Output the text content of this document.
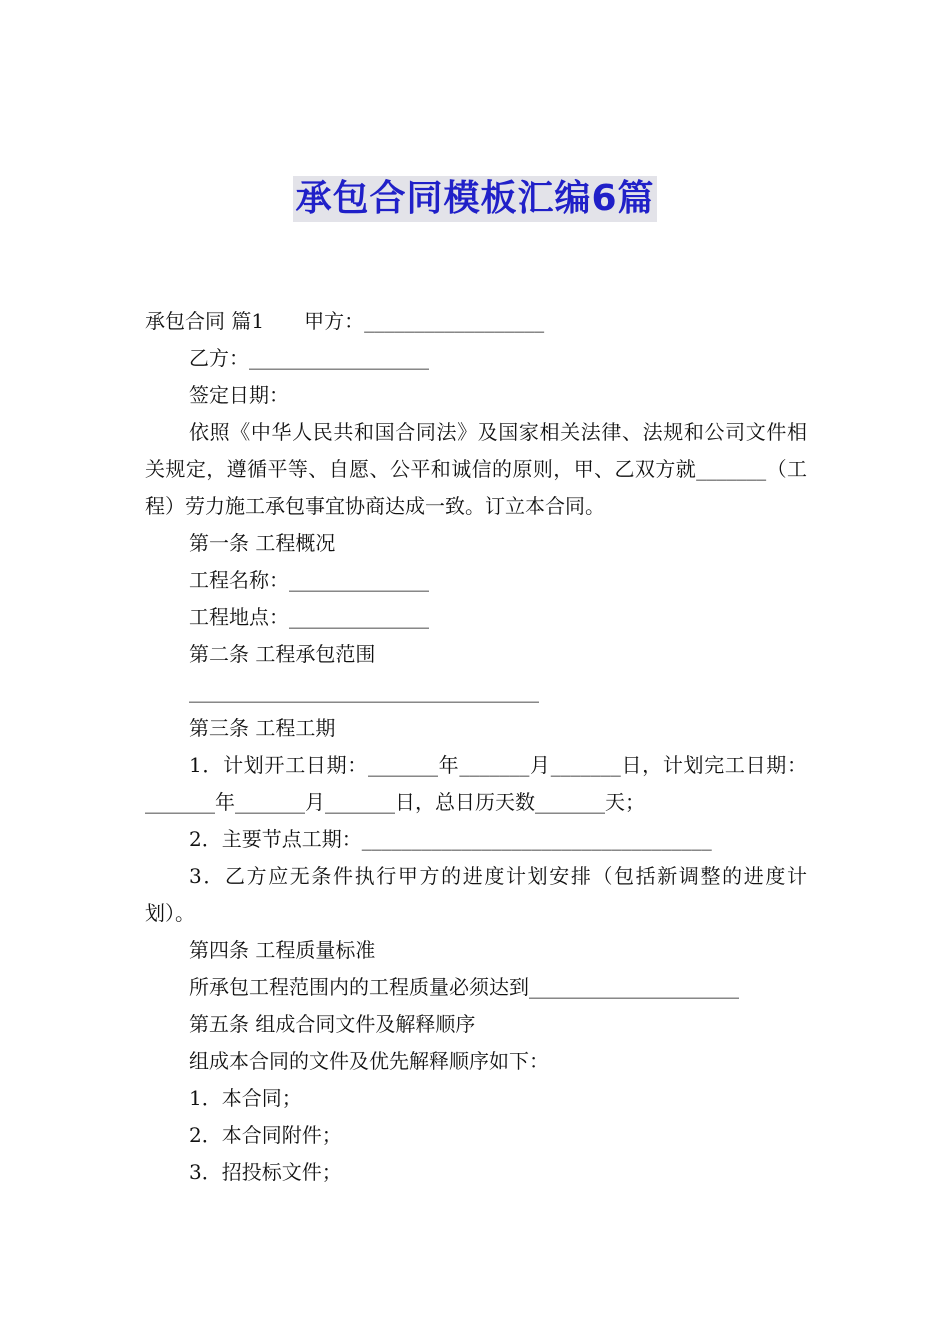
承包合同模板汇编6篇

承包合同 篇1　　甲方：__________________

乙方：__________________

签定日期：

依照《中华人民共和国合同法》及国家相关法律、法规和公司文件相关规定，遵循平等、自愿、公平和诚信的原则，甲、乙双方就_______（工程）劳力施工承包事宜协商达成一致。订立本合同。

第一条 工程概况

工程名称：______________

工程地点：______________

第二条 工程承包范围

___________________________________

第三条 工程工期

1．计划开工日期：_______年_______月_______日，计划完工日期：_______年_______月_______日，总日历天数_______天；

2．主要节点工期：___________________________________

3．乙方应无条件执行甲方的进度计划安排（包括新调整的进度计划）。

第四条 工程质量标准

所承包工程范围内的工程质量必须达到_____________________

第五条 组成合同文件及解释顺序

组成本合同的文件及优先解释顺序如下：

1．本合同；

2．本合同附件；

3．招投标文件；
